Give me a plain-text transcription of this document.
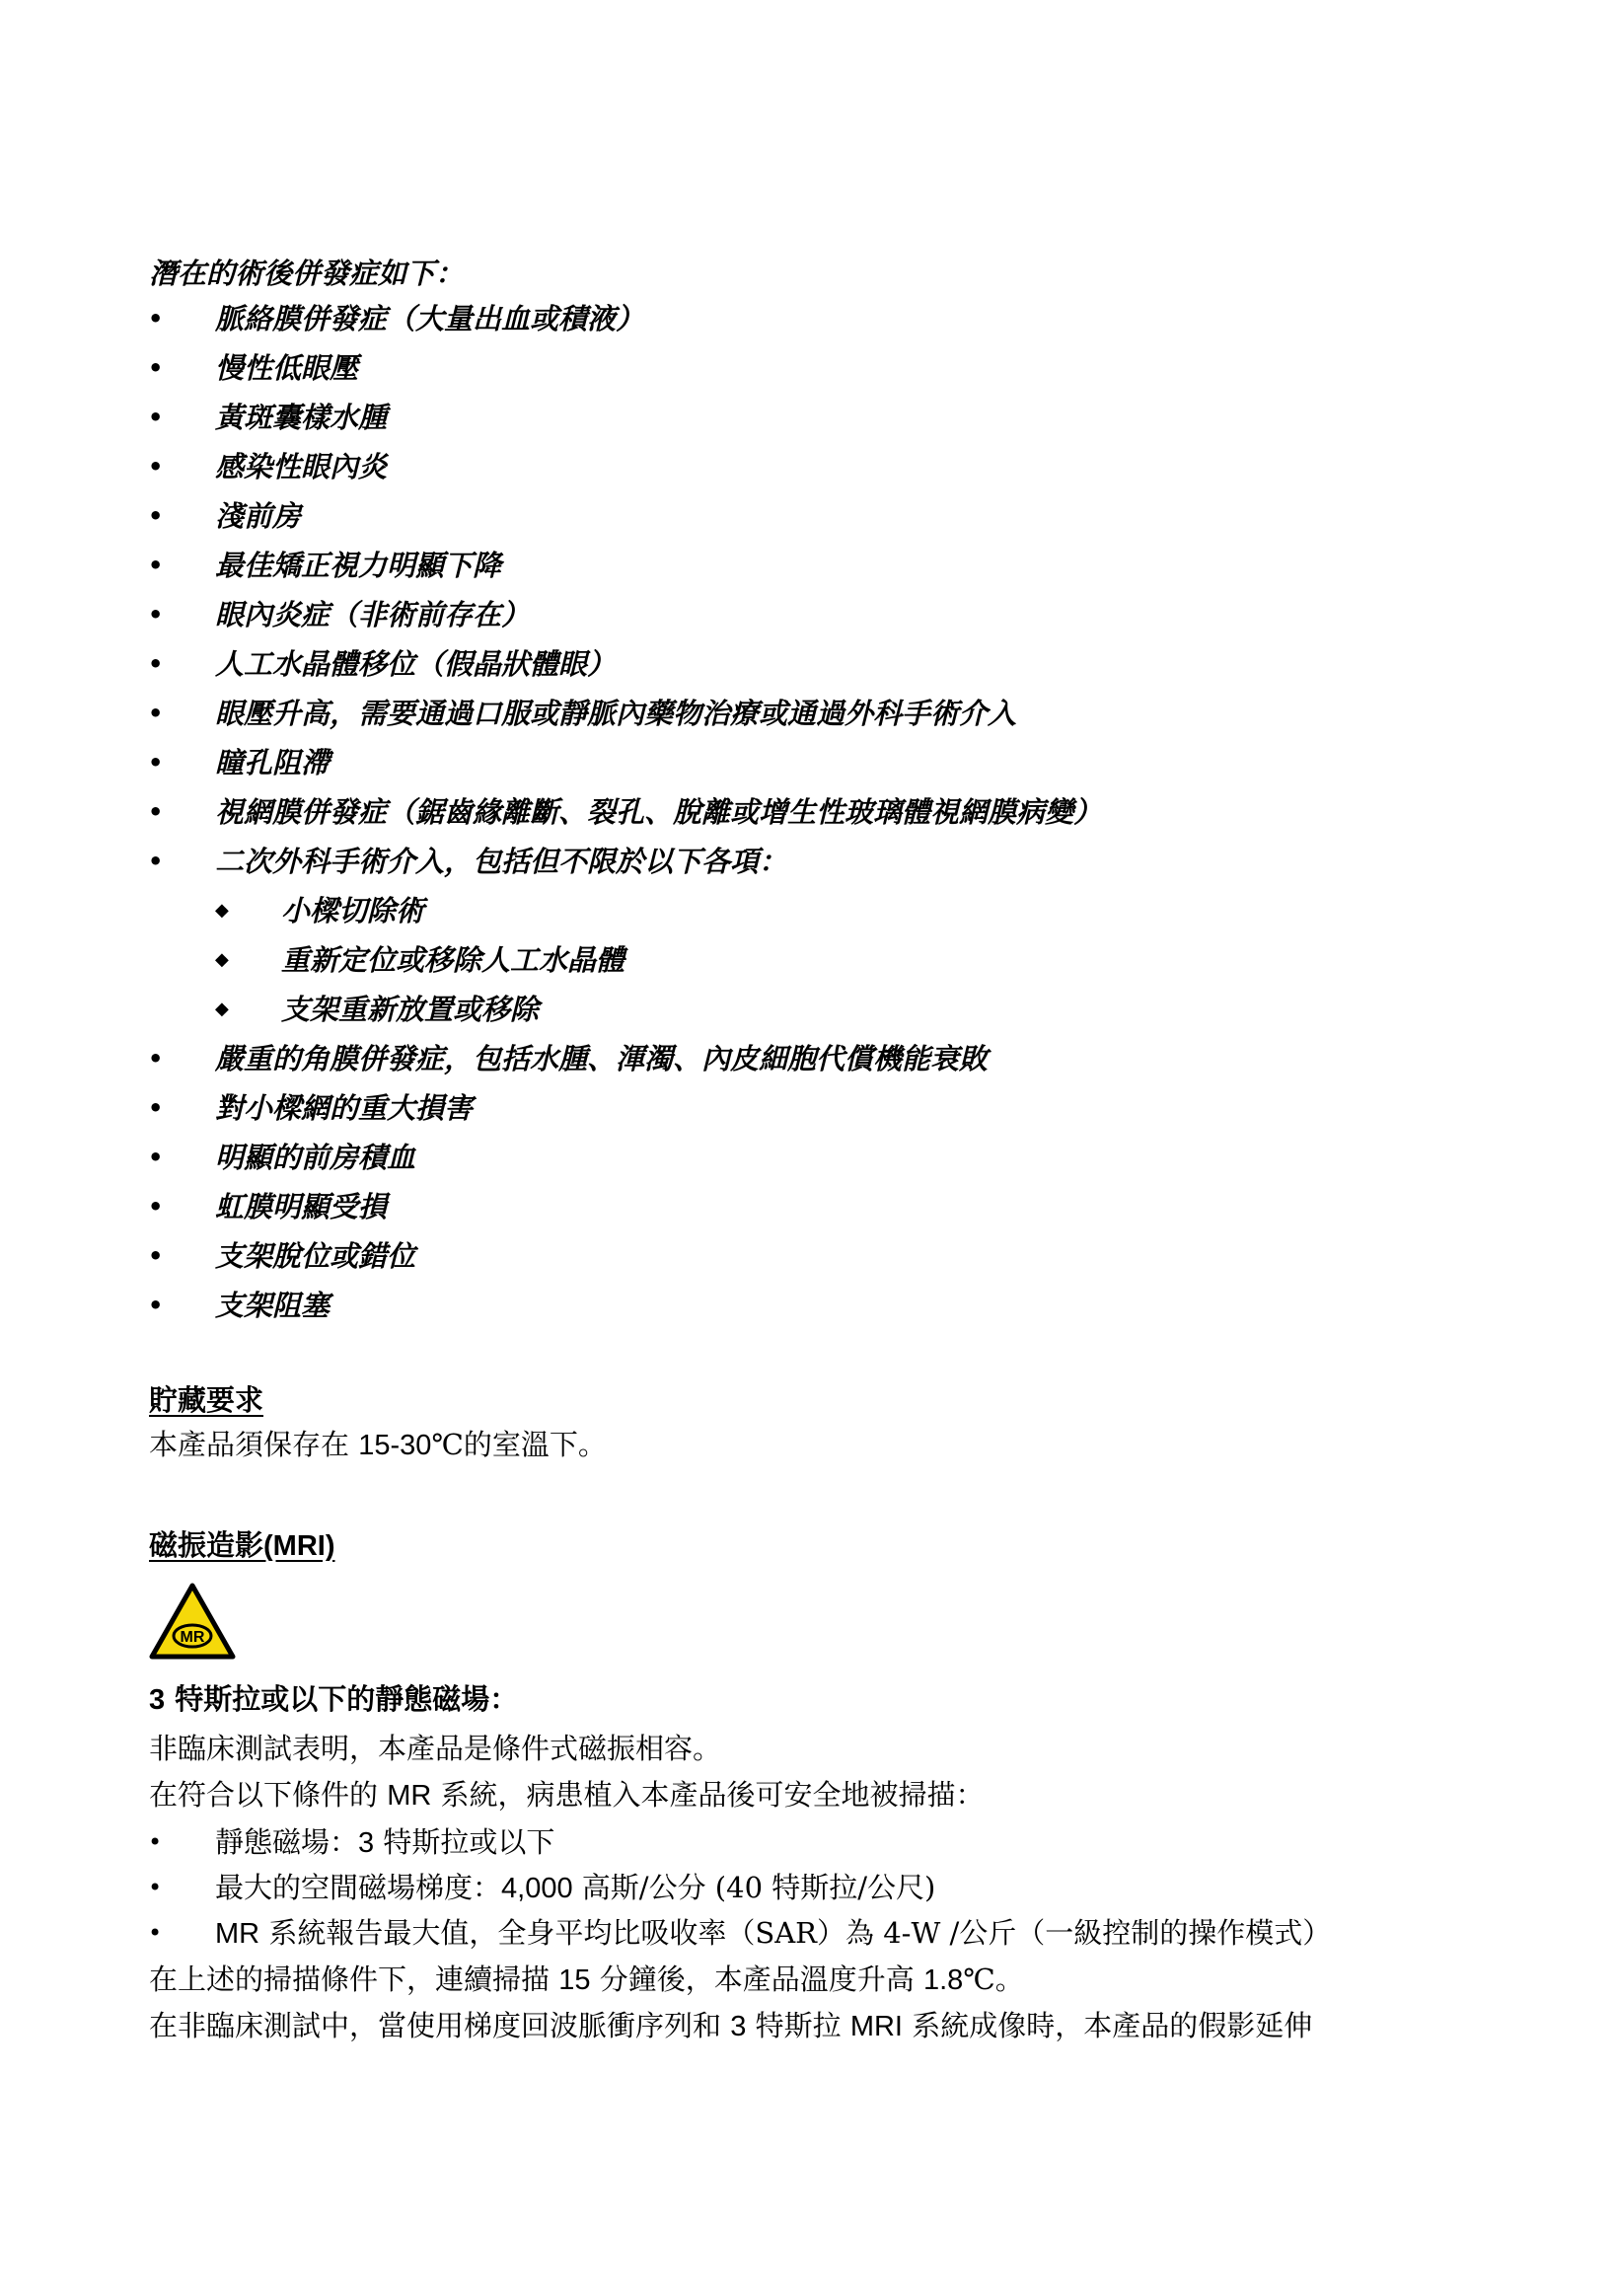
潛在的術後併發症如下：
• 脈絡膜併發症（大量出血或積液）
• 慢性低眼壓
• 黃斑囊樣水腫
• 感染性眼內炎
• 淺前房
• 最佳矯正視力明顯下降
• 眼內炎症（非術前存在）
• 人工水晶體移位（假晶狀體眼）
• 眼壓升高，需要通過口服或靜脈內藥物治療或通過外科手術介入
• 瞳孔阻滯
• 視網膜併發症（鋸齒緣離斷、裂孔、脫離或增生性玻璃體視網膜病變）
• 二次外科手術介入，包括但不限於以下各項：
◆ 小樑切除術
◆ 重新定位或移除人工水晶體
◆ 支架重新放置或移除
• 嚴重的角膜併發症，包括水腫、渾濁、內皮細胞代償機能衰敗
• 對小樑網的重大損害
• 明顯的前房積血
• 虹膜明顯受損
• 支架脫位或錯位
• 支架阻塞
貯藏要求
本產品須保存在 15-30℃的室溫下。
磁振造影(MRI)
MR
3 特斯拉或以下的靜態磁場：
非臨床測試表明，本產品是條件式磁振相容。
在符合以下條件的 MR 系統，病患植入本產品後可安全地被掃描：
• 靜態磁場：3 特斯拉或以下
• 最大的空間磁場梯度：4,000 高斯/公分 (40 特斯拉/公尺)
• MR 系統報告最大值，全身平均比吸收率（SAR）為 4-W /公斤（一級控制的操作模式）
在上述的掃描條件下，連續掃描 15 分鐘後，本產品溫度升高 1.8℃。
在非臨床測試中，當使用梯度回波脈衝序列和 3 特斯拉 MRI 系統成像時，本產品的假影延伸
